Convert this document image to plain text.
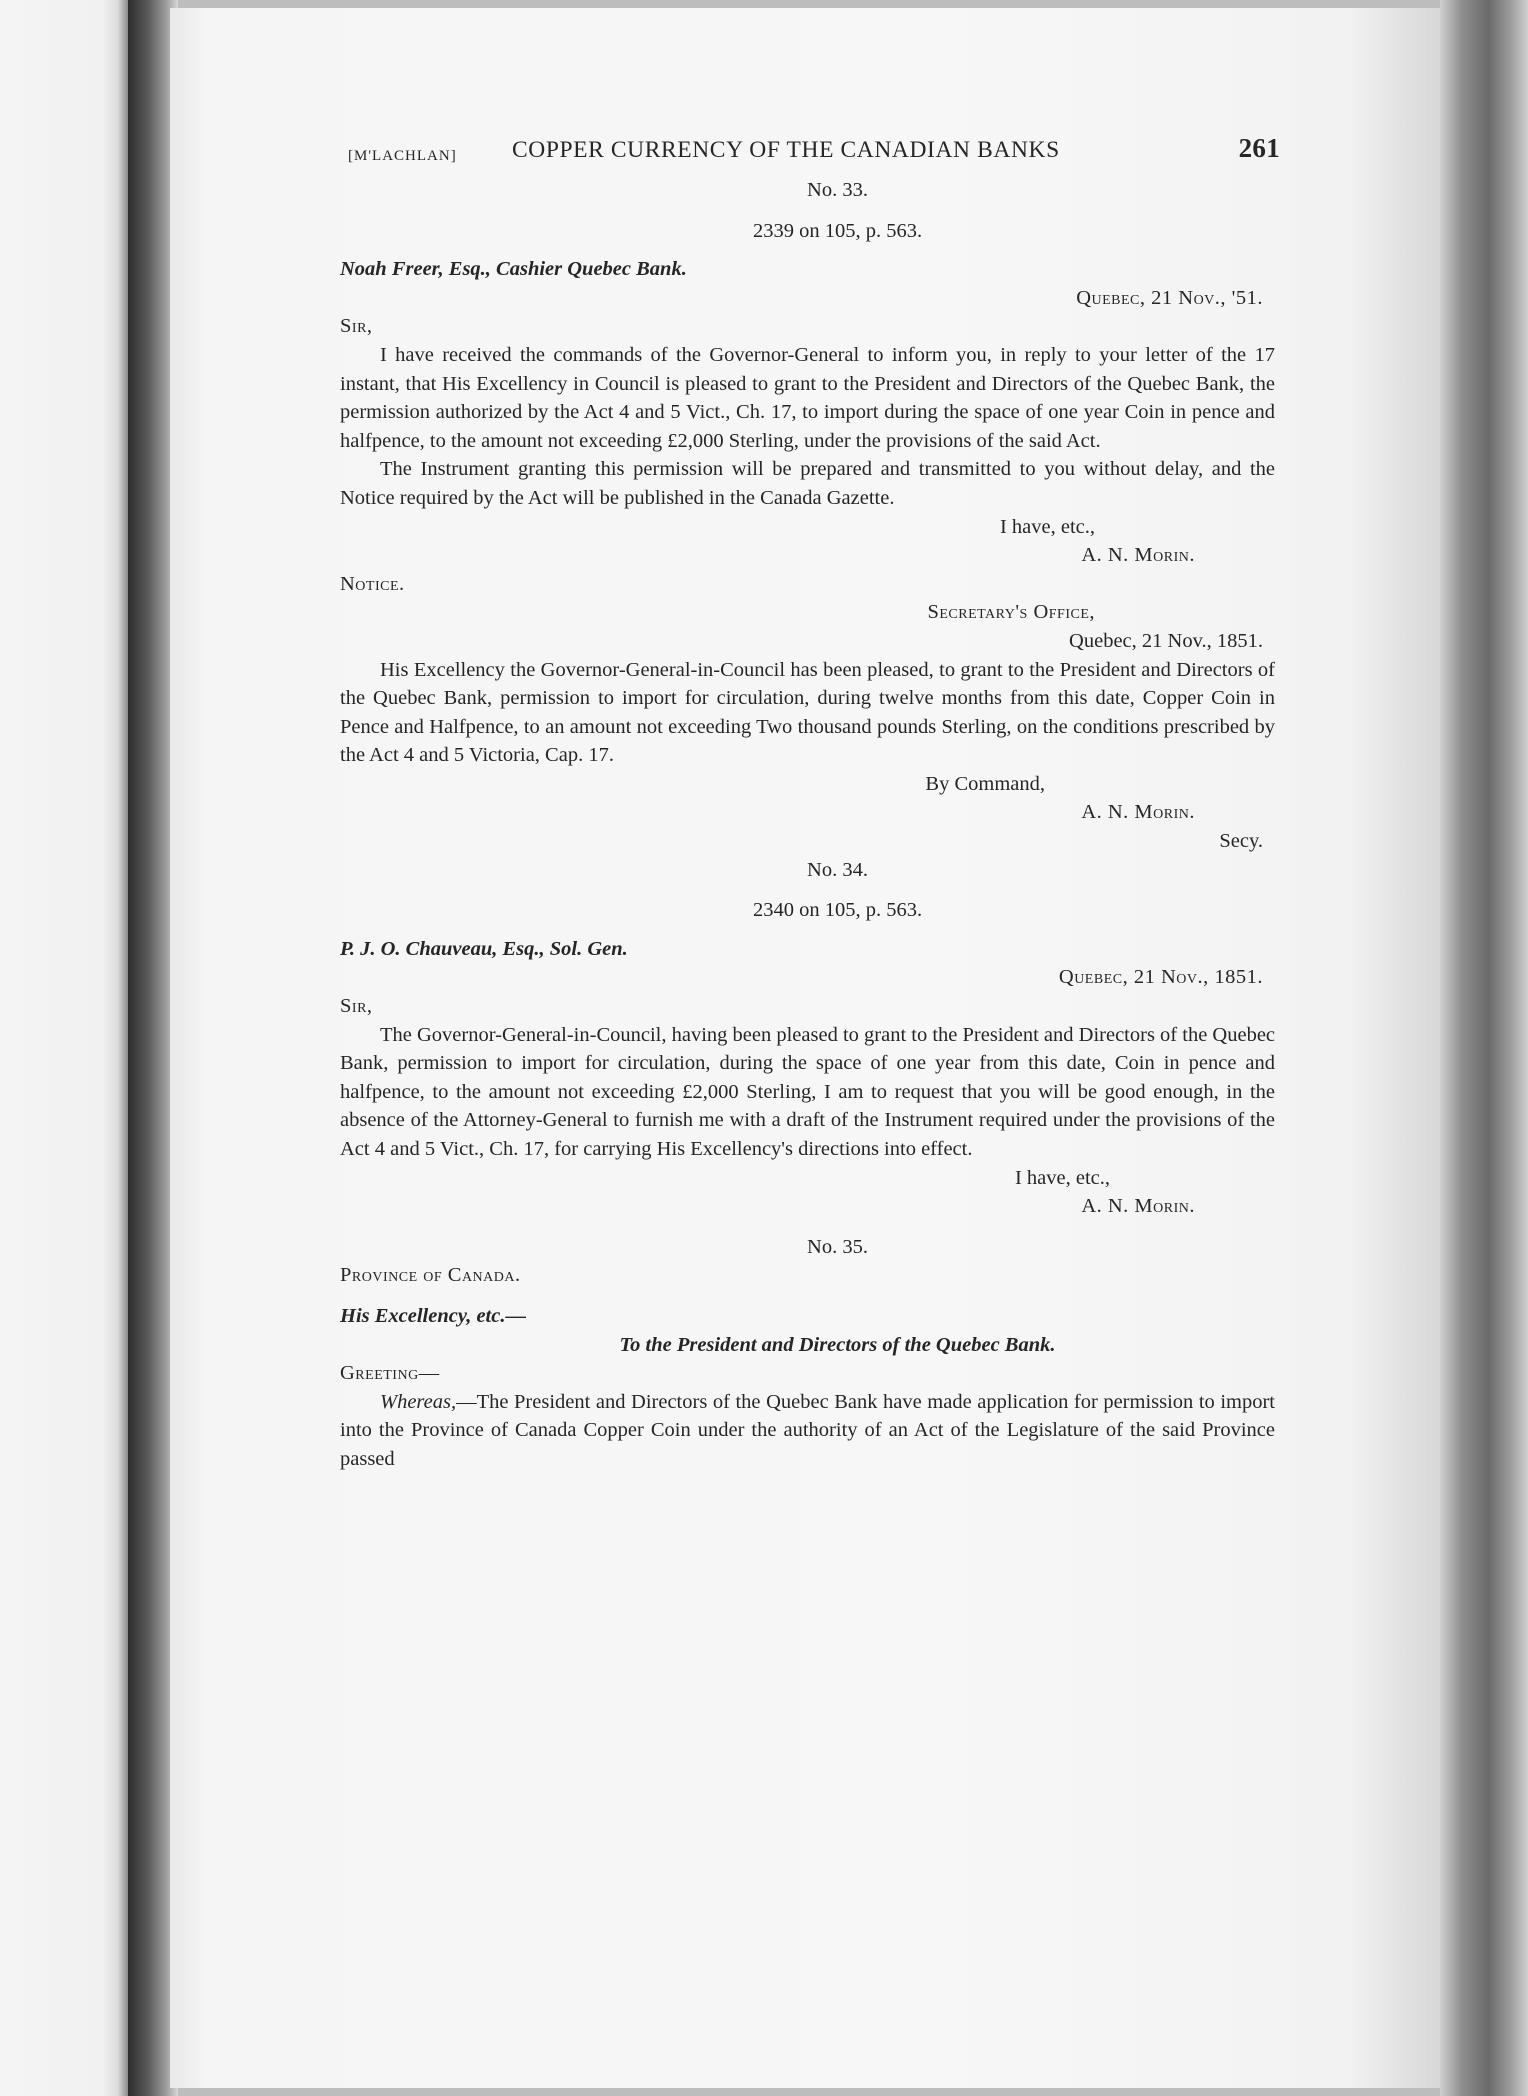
[M'LACHLAN] COPPER CURRENCY OF THE CANADIAN BANKS	261
No. 33.
2339 on 105, p. 563.
Noah Freer, Esq., Cashier Quebec Bank.
Quebec, 21 Nov., '51.
Sir,

I have received the commands of the Governor-General to inform you, in reply to your letter of the 17 instant, that His Excellency in Council is pleased to grant to the President and Directors of the Quebec Bank, the permission authorized by the Act 4 and 5 Vict., Ch. 17, to import during the space of one year Coin in pence and halfpence, to the amount not exceeding £2,000 Sterling, under the provisions of the said Act.

The Instrument granting this permission will be prepared and transmitted to you without delay, and the Notice required by the Act will be published in the Canada Gazette.

I have, etc.,
A. N. Morin.
Notice.
Secretary's Office,
Quebec, 21 Nov., 1851.

His Excellency the Governor-General-in-Council has been pleased, to grant to the President and Directors of the Quebec Bank, permission to import for circulation, during twelve months from this date, Copper Coin in Pence and Halfpence, to an amount not exceeding Two thousand pounds Sterling, on the conditions prescribed by the Act 4 and 5 Victoria, Cap. 17.

By Command,
A. N. Morin.
Secy.
No. 34.
2340 on 105, p. 563.
P. J. O. Chauveau, Esq., Sol. Gen.
Quebec, 21 Nov., 1851.
Sir,

The Governor-General-in-Council, having been pleased to grant to the President and Directors of the Quebec Bank, permission to import for circulation, during the space of one year from this date, Coin in pence and halfpence, to the amount not exceeding £2,000 Sterling, I am to request that you will be good enough, in the absence of the Attorney-General to furnish me with a draft of the Instrument required under the provisions of the Act 4 and 5 Vict., Ch. 17, for carrying His Excellency's directions into effect.

I have, etc.,
A. N. Morin.
No. 35.
Province of Canada.
His Excellency, etc.—
To the President and Directors of the Quebec Bank.
Greeting—

Whereas,—The President and Directors of the Quebec Bank have made application for permission to import into the Province of Canada Copper Coin under the authority of an Act of the Legislature of the said Province passed
